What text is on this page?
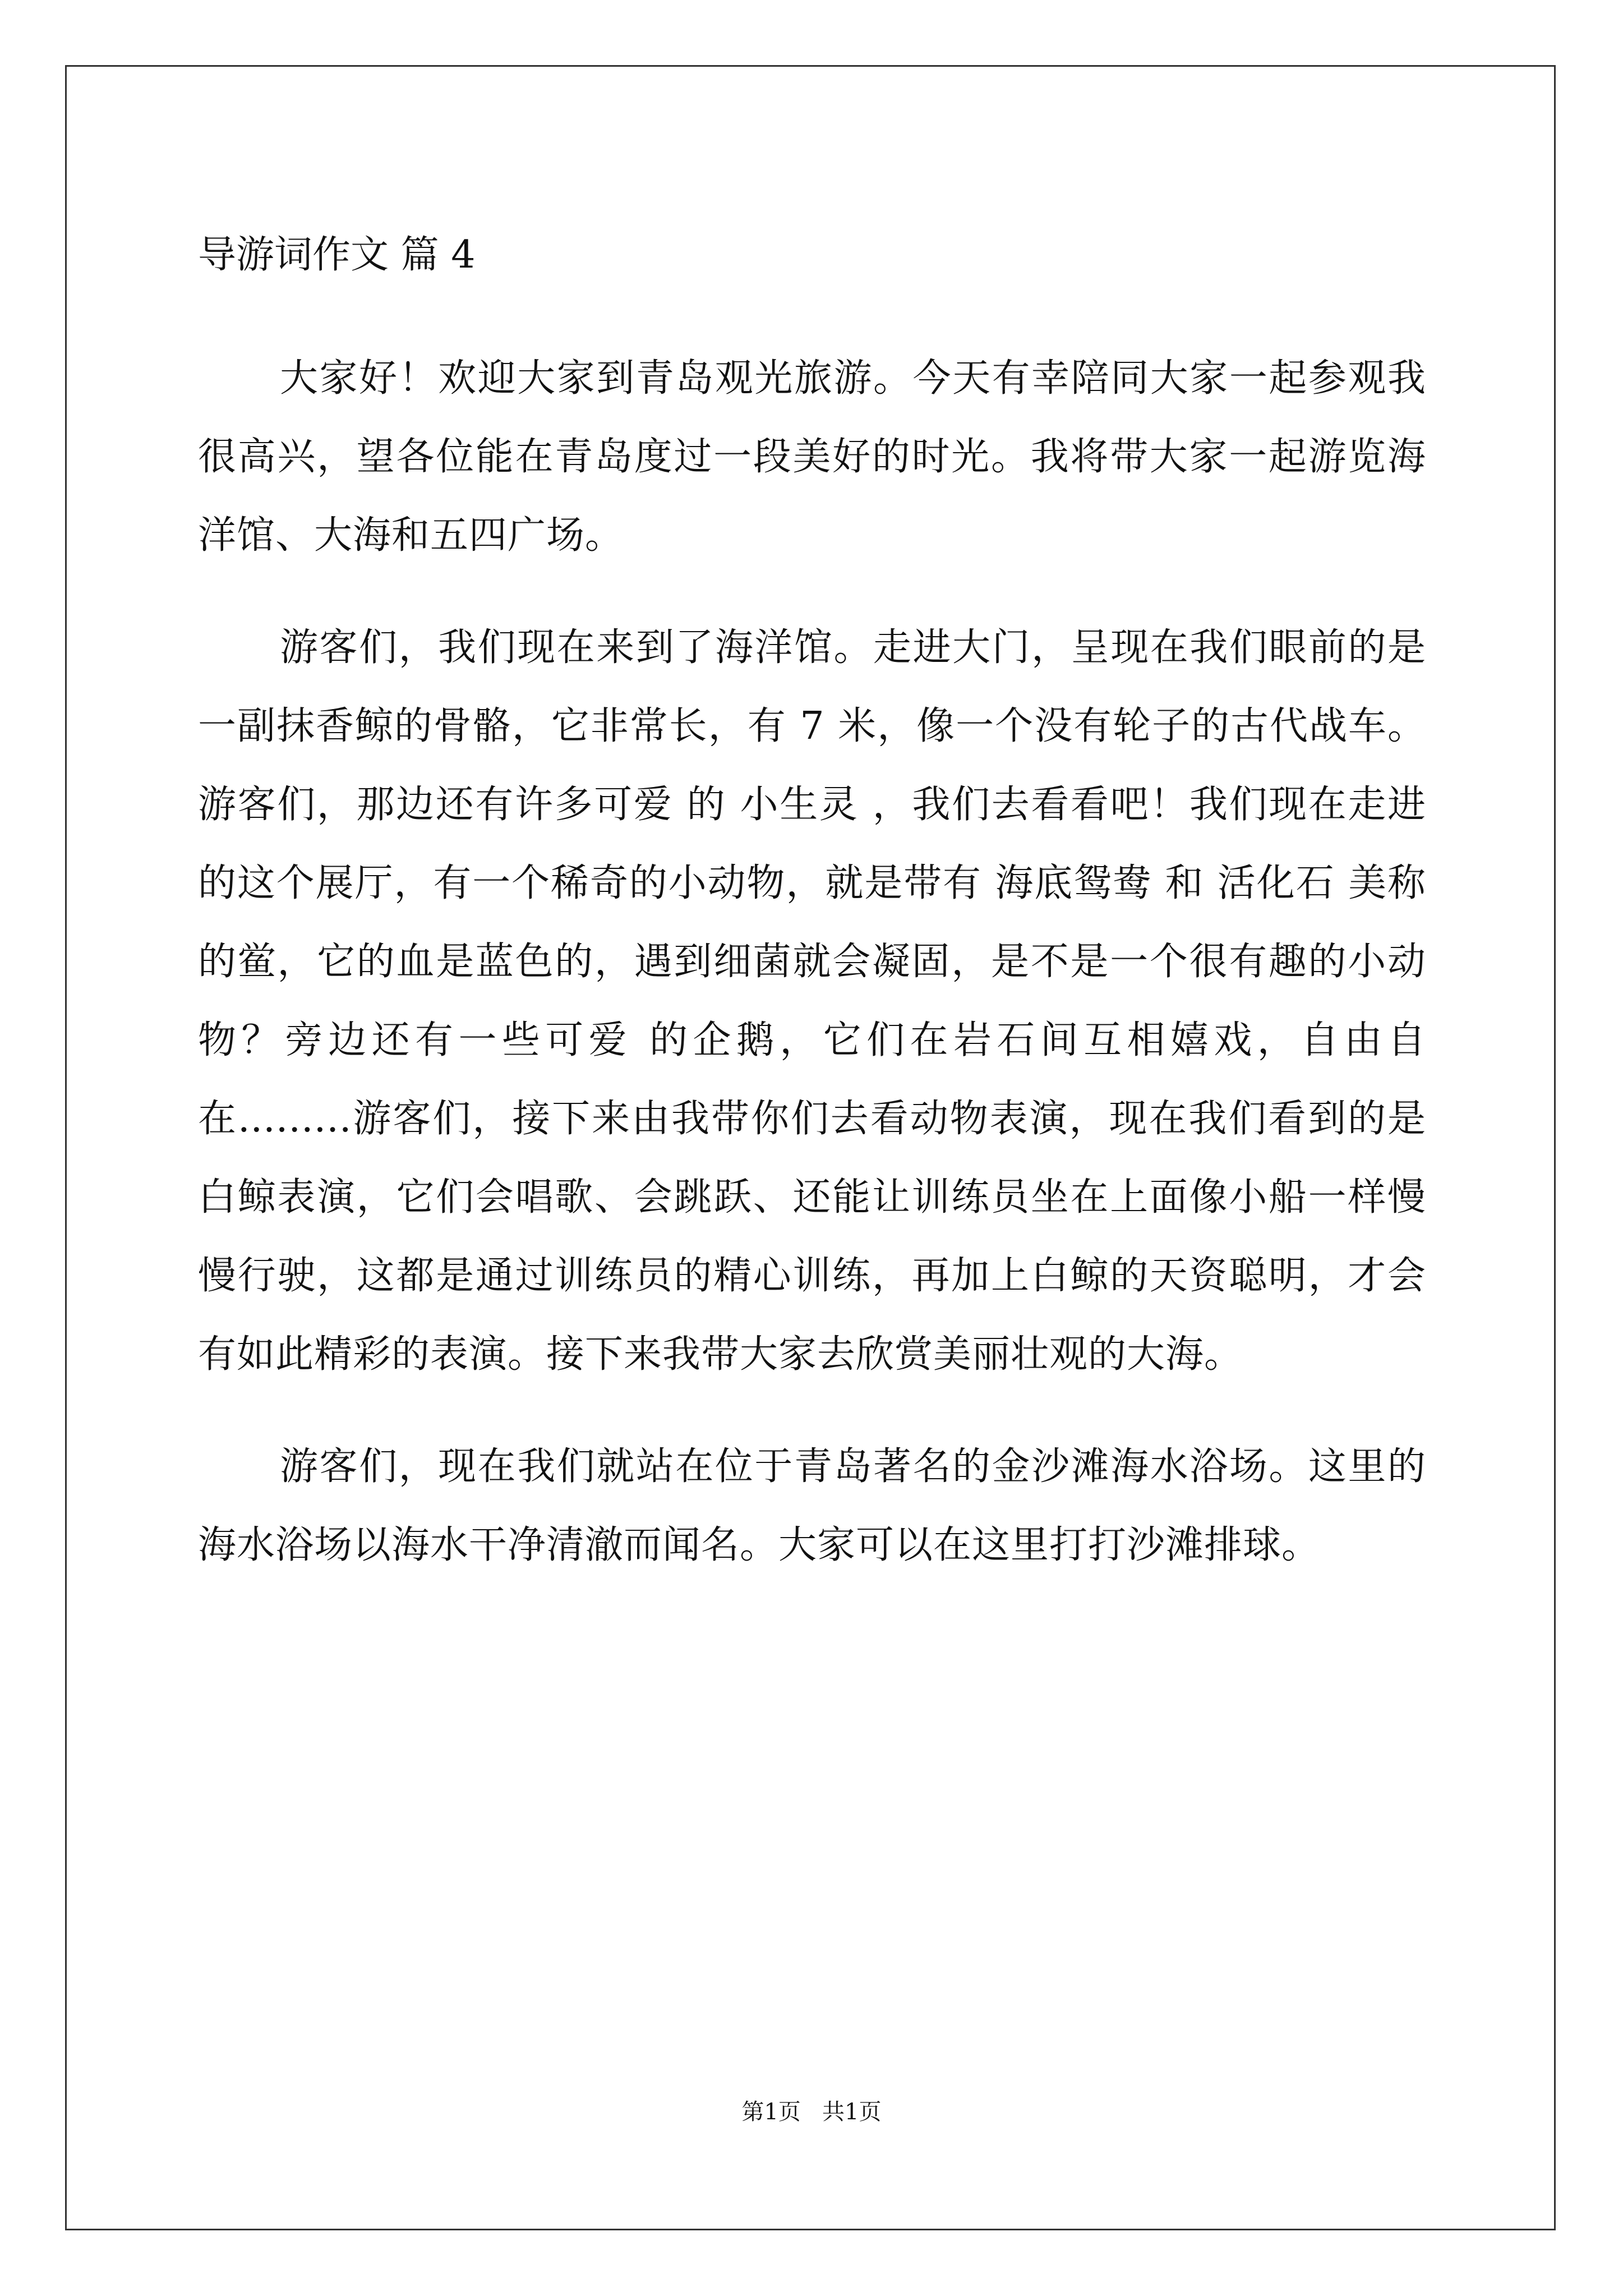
导游词作文 篇 4

大家好！欢迎大家到青岛观光旅游。今天有幸陪同大家一起参观我很高兴，望各位能在青岛度过一段美好的时光。我将带大家一起游览海洋馆、大海和五四广场。

游客们，我们现在来到了海洋馆。走进大门，呈现在我们眼前的是一副抹香鲸的骨骼，它非常长，有 7 米，像一个没有轮子的古代战车。游客们，那边还有许多可爱 的 小生灵 ，我们去看看吧！我们现在走进的这个展厅，有一个稀奇的小动物，就是带有 海底鸳鸯 和 活化石 美称的鲎，它的血是蓝色的，遇到细菌就会凝固，是不是一个很有趣的小动物？旁边还有一些可爱 的企鹅，它们在岩石间互相嬉戏，自由自在.........游客们，接下来由我带你们去看动物表演，现在我们看到的是白鲸表演，它们会唱歌、会跳跃、还能让训练员坐在上面像小船一样慢慢行驶，这都是通过训练员的精心训练，再加上白鲸的天资聪明，才会有如此精彩的表演。接下来我带大家去欣赏美丽壮观的大海。

游客们，现在我们就站在位于青岛著名的金沙滩海水浴场。这里的海水浴场以海水干净清澈而闻名。大家可以在这里打打沙滩排球。

第1页   共1页
